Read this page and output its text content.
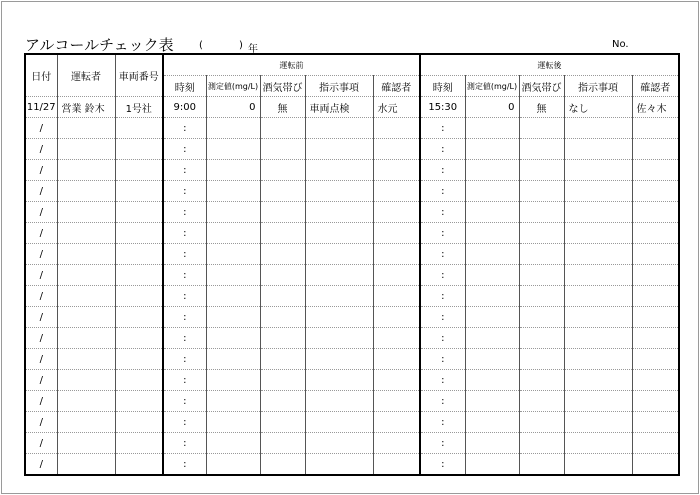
アルコールチェック表	(	) 年	No.
日付	運転者	車両番号	運転前					運転後				
			時刻	測定値(mg/L)	酒気帯び	指示事項	確認者	時刻	測定値(mg/L)	酒気帯び	指示事項	確認者
11/27	営業 鈴木	1号社	9:00	0	無	車両点検	水元	15:30	0	無	なし	佐々木
/			:					:				
/			:					:				
/			:					:				
/			:					:				
/			:					:				
/			:					:				
/			:					:				
/			:					:				
/			:					:				
/			:					:				
/			:					:				
/			:					:				
/			:					:				
/			:					:				
/			:					:				
/			:					:				
/			:					:				
